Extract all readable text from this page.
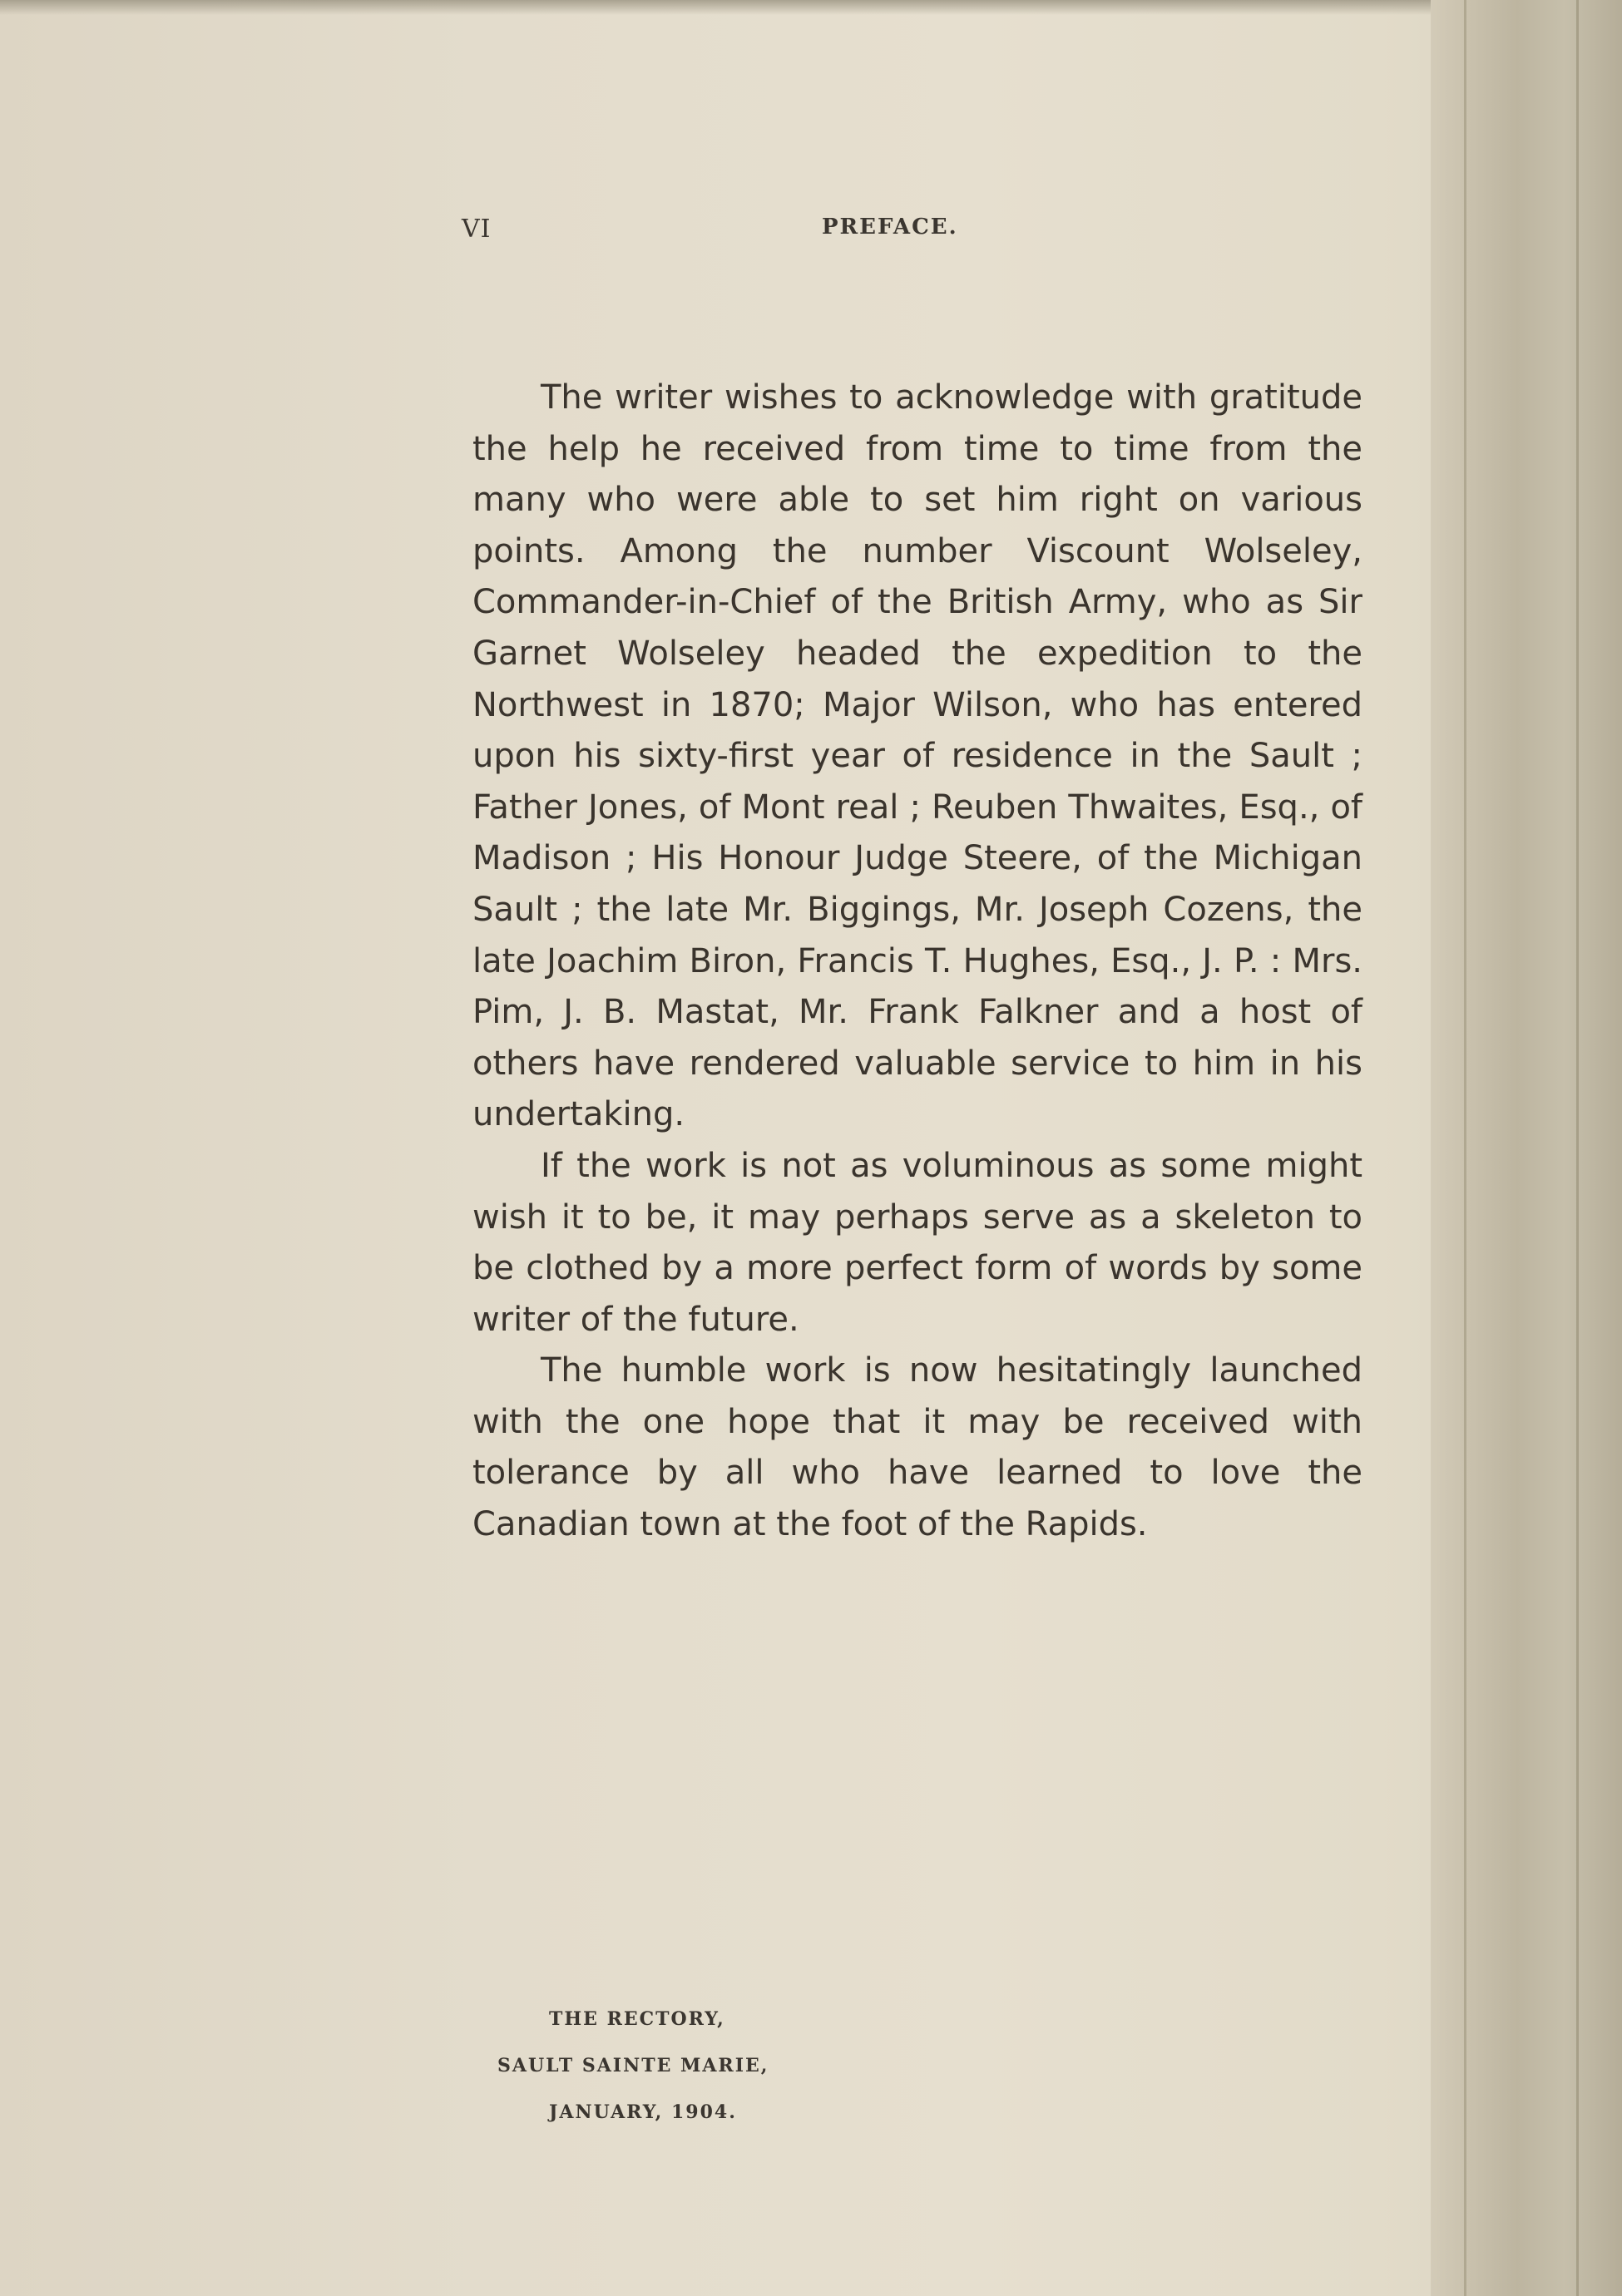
VI	PREFACE.

The writer wishes to acknowledge with gratitude the help he received from time to time from the many who were able to set him right on various points. Among the number Viscount Wolseley, Commander-in-Chief of the British Army, who as Sir Garnet Wolseley headed the expedition to the Northwest in 1870; Major Wilson, who has entered upon his sixty-first year of residence in the Sault ; Father Jones, of Mont real ; Reuben Thwaites, Esq., of Madison ; His Honour Judge Steere, of the Michigan Sault ; the late Mr. Biggings, Mr. Joseph Cozens, the late Joachim Biron, Francis T. Hughes, Esq., J. P. : Mrs. Pim, J. B. Mastat, Mr. Frank Falkner and a host of others have rendered valuable service to him in his undertaking.

If the work is not as voluminous as some might wish it to be, it may perhaps serve as a skeleton to be clothed by a more perfect form of words by some writer of the future.

The humble work is now hesitatingly launched with the one hope that it may be received with tolerance by all who have learned to love the Canadian town at the foot of the Rapids.

THE RECTORY,
SAULT SAINTE MARIE,
JANUARY, 1904.
